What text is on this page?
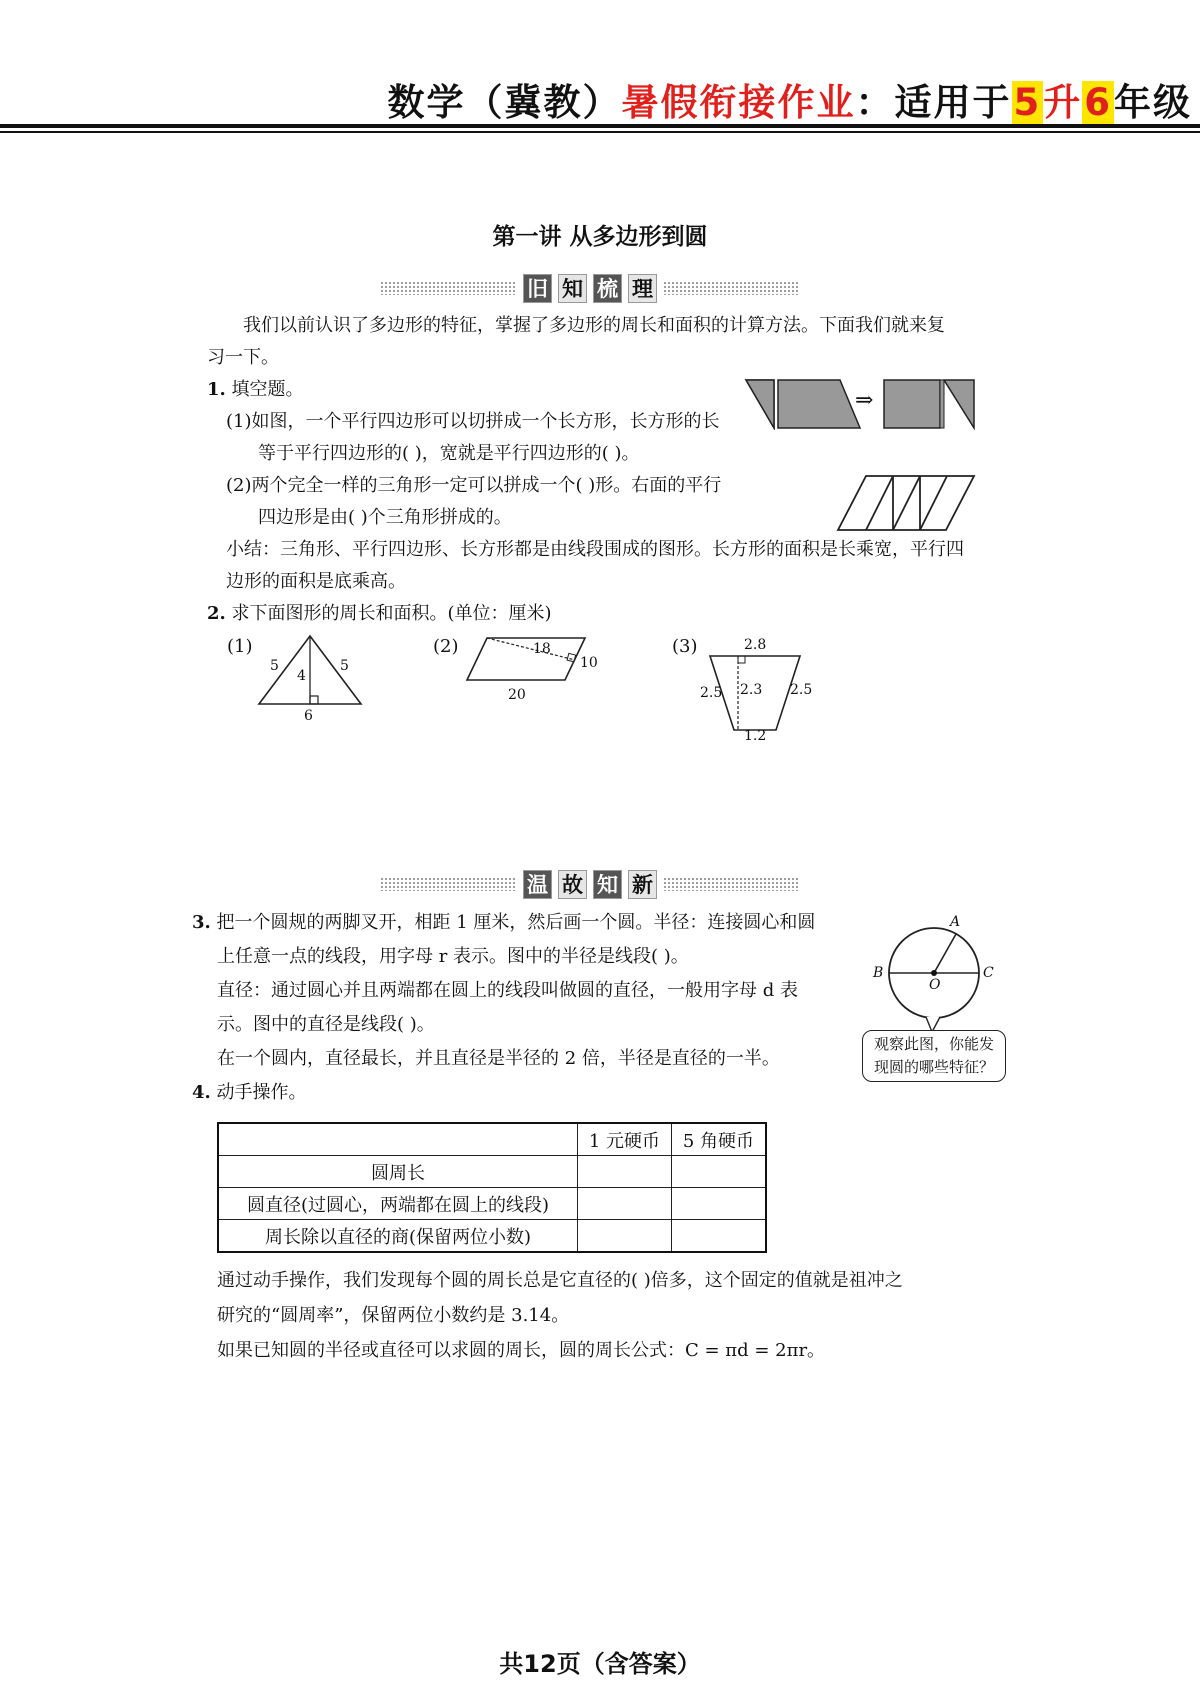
数学（冀教）暑假衔接作业：适用于5升6年级
第一讲 从多边形到圆
旧 知 梳 理
我们以前认识了多边形的特征，掌握了多边形的周长和面积的计算方法。下面我们就来复
习一下。
1. 填空题。
(1)如图，一个平行四边形可以切拼成一个长方形，长方形的长
等于平行四边形的( )，宽就是平行四边形的( )。
(2)两个完全一样的三角形一定可以拼成一个( )形。右面的平行
四边形是由( )个三角形拼成的。
小结：三角形、平行四边形、长方形都是由线段围成的图形。长方形的面积是长乘宽，平行四
边形的面积是底乘高。
⇒
2. 求下面图形的周长和面积。(单位：厘米)
(1)
5	5
4
6
(2)	18
10
20
(3)	2.8
2.5 2.3 2.5
1.2
温 故 知 新
3. 把一个圆规的两脚叉开，相距 1 厘米，然后画一个圆。半径：连接圆心和圆
上任意一点的线段，用字母 r 表示。图中的半径是线段( )。
直径：通过圆心并且两端都在圆上的线段叫做圆的直径，一般用字母 d 表
示。图中的直径是线段( )。
在一个圆内，直径最长，并且直径是半径的 2 倍，半径是直径的一半。
A
B	C
O
观察此图，你能发
现圆的哪些特征？
4. 动手操作。
	1 元硬币	5 角硬币
圆周长		
圆直径(过圆心，两端都在圆上的线段)		
周长除以直径的商(保留两位小数)		
通过动手操作，我们发现每个圆的周长总是它直径的( )倍多，这个固定的值就是祖冲之
研究的“圆周率”，保留两位小数约是 3.14。
如果已知圆的半径或直径可以求圆的周长，圆的周长公式：C = πd = 2πr。
共12页（含答案）
